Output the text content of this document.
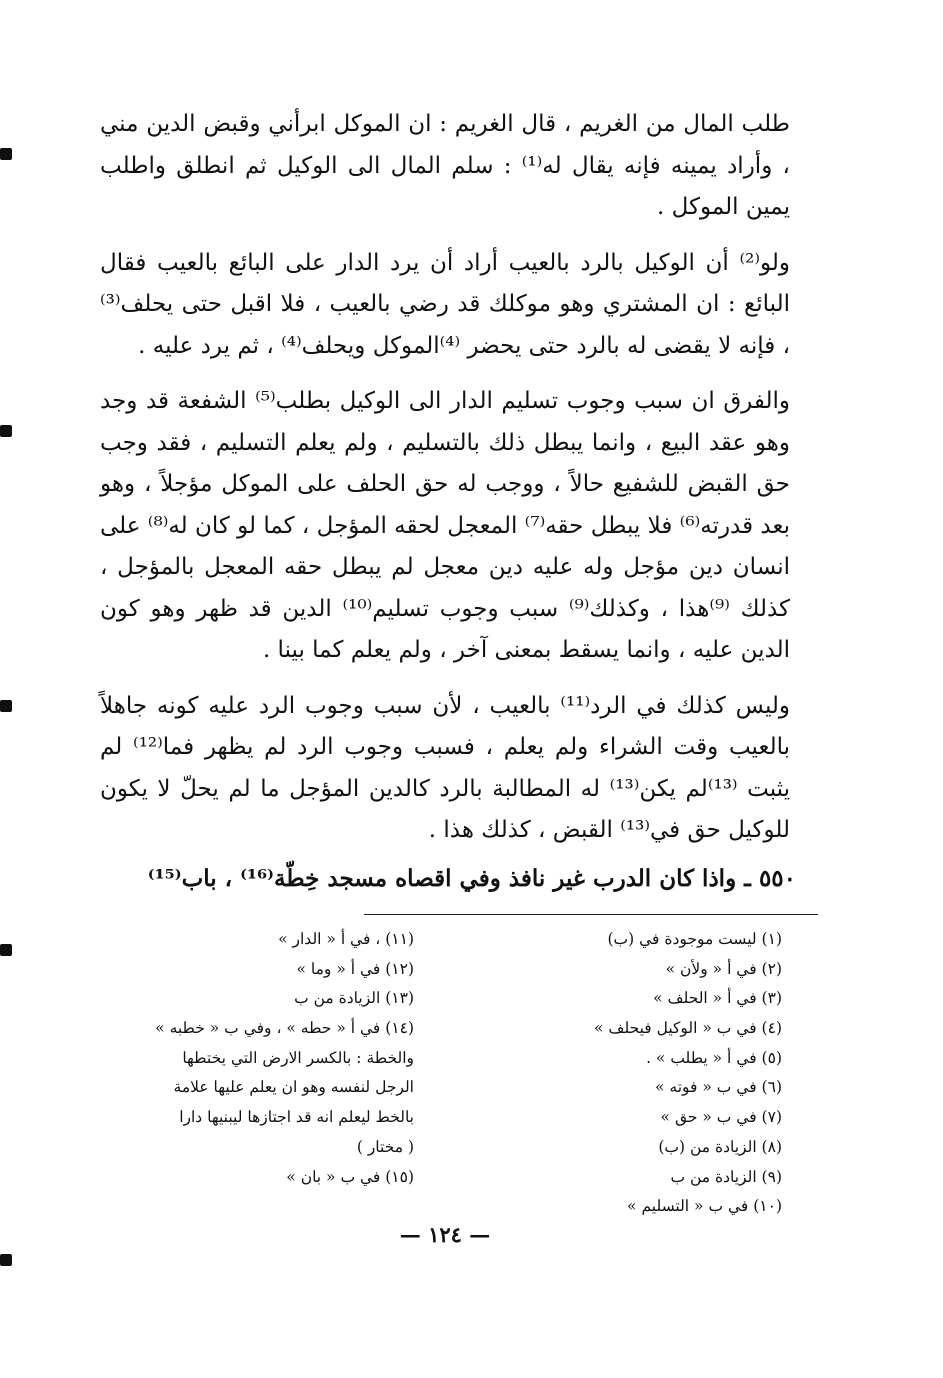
طلب المال من الغريم ، قال الغريم : ان الموكل ابرأني وقبض الدين مني ، وأراد يمينه فإنه يقال له⁽¹⁾ : سلم المال الى الوكيل ثم انطلق واطلب يمين الموكل .

ولو⁽²⁾ أن الوكيل بالرد بالعيب أراد أن يرد الدار على البائع بالعيب فقال البائع : ان المشتري وهو موكلك قد رضي بالعيب ، فلا اقبل حتى يحلف⁽³⁾ ، فإنه لا يقضى له بالرد حتى يحضر ⁽⁴⁾الموكل ويحلف⁽⁴⁾ ، ثم يرد عليه .

والفرق ان سبب وجوب تسليم الدار الى الوكيل بطلب⁽⁵⁾ الشفعة قد وجد وهو عقد البيع ، وانما يبطل ذلك بالتسليم ، ولم يعلم التسليم ، فقد وجب حق القبض للشفيع حالاً ، ووجب له حق الحلف على الموكل مؤجلاً ، وهو بعد قدرته⁽⁶⁾ فلا يبطل حقه⁽⁷⁾ المعجل لحقه المؤجل ، كما لو كان له⁽⁸⁾ على انسان دين مؤجل وله عليه دين معجل لم يبطل حقه المعجل بالمؤجل ، كذلك ⁽⁹⁾هذا ، وكذلك⁽⁹⁾ سبب وجوب تسليم⁽¹⁰⁾ الدين قد ظهر وهو كون الدين عليه ، وانما يسقط بمعنى آخر ، ولم يعلم كما بينا .

وليس كذلك في الرد⁽¹¹⁾ بالعيب ، لأن سبب وجوب الرد عليه كونه جاهلاً بالعيب وقت الشراء ولم يعلم ، فسبب وجوب الرد لم يظهر فما⁽¹²⁾ لم يثبت ⁽¹³⁾لم يكن⁽¹³⁾ له المطالبة بالرد كالدين المؤجل ما لم يحلّ لا يكون للوكيل حق في⁽¹³⁾ القبض ، كذلك هذا .

٥٥٠ ـ واذا كان الدرب غير نافذ وفي اقصاه مسجد خِطّة⁽¹⁶⁾ ، باب⁽¹⁵⁾
(١) ليست موجودة في (ب)
(٢) في أ « ولأن »
(٣) في أ « الحلف »
(٤) في ب « الوكيل فيحلف »
(٥) في أ « يطلب » .
(٦) في ب « فوته »
(٧) في ب « حق »
(٨) الزيادة من (ب)
(٩) الزيادة من ب
(١٠) في ب « التسليم »
(١١) ، في أ « الدار »
(١٢) في أ « وما »
(١٣) الزيادة من ب
(١٤) في أ « حطه » ، وفي ب « خطبه »
والخطة : بالكسر الارض التي يختطها
الرجل لنفسه وهو ان يعلم عليها علامة
بالخط ليعلم انه قد اجتازها ليبنيها دارا
( مختار )
(١٥) في ب « بان »
— ١٢٤ —
